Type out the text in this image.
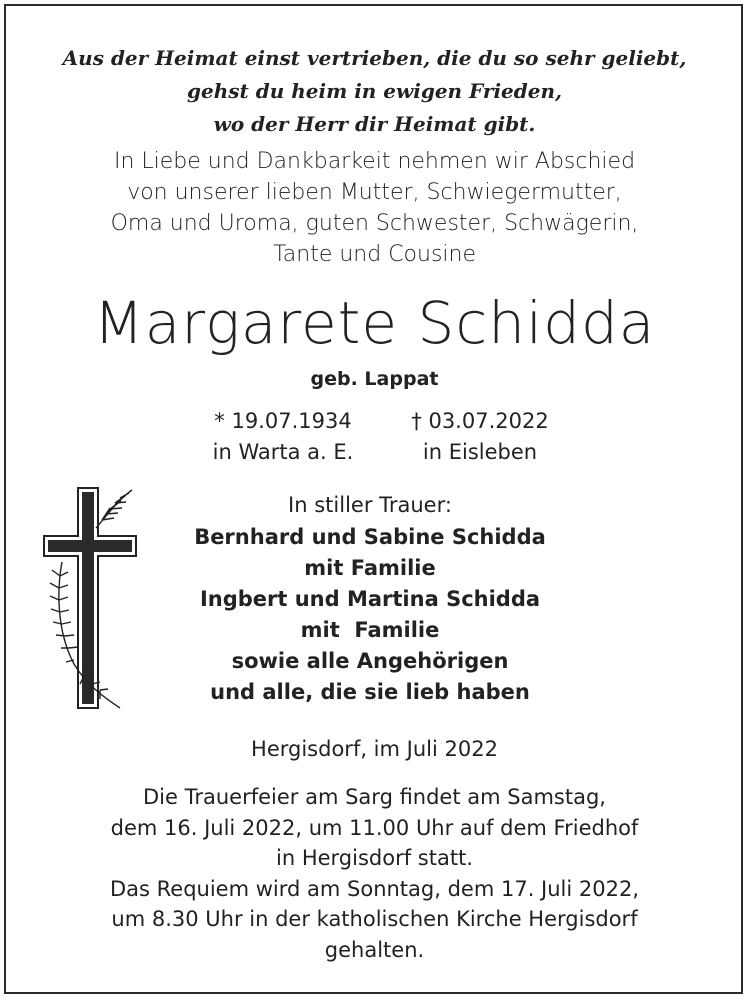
Aus der Heimat einst vertrieben, die du so sehr geliebt,
gehst du heim in ewigen Frieden,
wo der Herr dir Heimat gibt.
In Liebe und Dankbarkeit nehmen wir Abschied
von unserer lieben Mutter, Schwiegermutter,
Oma und Uroma, guten Schwester, Schwägerin,
Tante und Cousine
Margarete Schidda
geb. Lappat
* 19.07.1934
in Warta a. E.
† 03.07.2022
in Eisleben
In stiller Trauer:
Bernhard und Sabine Schidda
mit Familie
Ingbert und Martina Schidda
mit  Familie
sowie alle Angehörigen
und alle, die sie lieb haben
Hergisdorf, im Juli 2022
Die Trauerfeier am Sarg findet am Samstag,
dem 16. Juli 2022, um 11.00 Uhr auf dem Friedhof
in Hergisdorf statt.
Das Requiem wird am Sonntag, dem 17. Juli 2022,
um 8.30 Uhr in der katholischen Kirche Hergisdorf
gehalten.
